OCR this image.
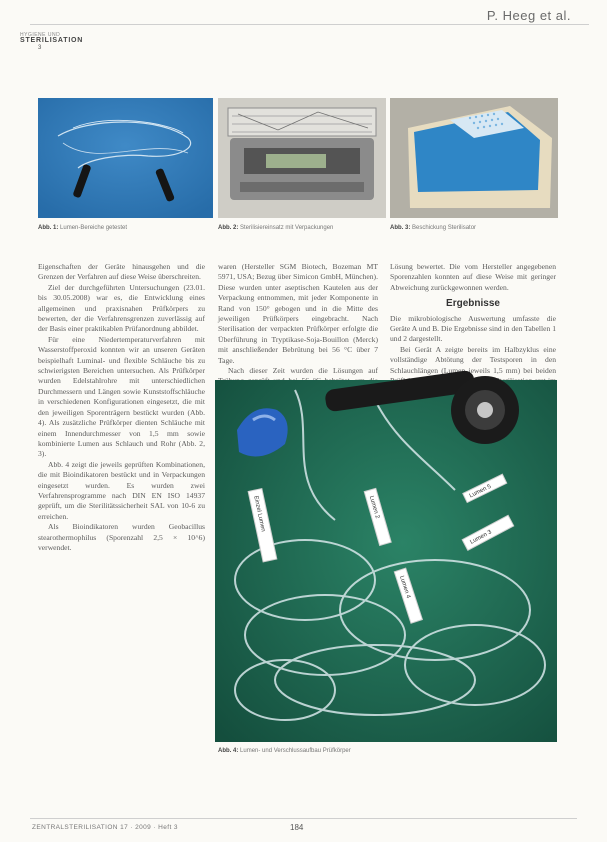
P. Heeg et al.
HYGIENE UND
STERILISATION
3
Abb. 1: Lumen-Bereiche getestet	Abb. 2: Sterilisiereinsatz mit Verpackungen	Abb. 3: Beschickung Sterilisator

Eigenschaften der Geräte hinausgehen und die Grenzen der Verfahren auf diese Weise überschreiten.

Ziel der durchgeführten Untersuchungen (23.01. bis 30.05.2008) war es, die Entwicklung eines allgemeinen und praxisnahen Prüfkörpers zu bewerten, der die Verfahrensgrenzen zuverlässig auf der Basis einer praktikablen Prüfanordnung abbildet.

Für eine Niedertemperaturverfahren mit Wasserstoffperoxid konnten wir an unseren Geräten beispielhaft Luminal- und flexible Schläuche bis zu schwierigsten Bereichen untersuchen. Als Prüfkörper wurden Edelstahlrohre mit unterschiedlichen Durchmessern und Längen sowie Kunststoffschläuche in verschiedenen Konfigurationen eingesetzt, die mit den jeweiligen Sporenträgern bestückt wurden (Abb. 4). Als zusätzliche Prüfkörper dienten Schläuche mit einem Innendurchmesser von 1,5 mm sowie kombinierte Lumen aus Schlauch und Rohr (Abb. 2, 3).

Abb. 4 zeigt die jeweils geprüften Kombinationen, die mit Bioindikatoren bestückt und in Verpackungen eingesetzt wurden. Es wurden zwei Verfahrensprogramme nach DIN EN ISO 14937 geprüft, um die Sterilitätssicherheit SAL von 10-6 zu erreichen.

Als Bioindikatoren wurden Geobacillus stearothermophilus (Sporenzahl 2,5 × 10^6) verwendet.

waren (Hersteller SGM Biotech, Bozeman MT 5971, USA; Bezug über Simicon GmbH, München). Diese wurden unter aseptischen Kautelen aus der Verpackung entnommen, mit jeder Komponente in Rand von 150° gebogen und in die Mitte des jeweiligen Prüfkörpers eingebracht. Nach Sterilisation der verpackten Prüfkörper erfolgte die Überführung in Tryptikase-Soja-Bouillon (Merck) mit anschließender Bebrütung bei 56 °C über 7 Tage.

Nach dieser Zeit wurden die Lösungen auf

Lösung bewertet. Die vom Hersteller angegebenen Sporenzahlen konnten auf diese Weise mit geringer Abweichung zurückgewonnen werden.

Ergebnisse

Die mikrobiologische Auswertung umfasste die Geräte A und B. Die Ergebnisse sind in den Tabellen 1 und 2 dargestellt.

Bei Gerät A zeigte bereits im Halbzyklus eine vollständige Abtötung der Testsporen in den Schlauchlängen (Lumen jeweils 1,5 mm) bei beiden

Einzel Lumen	Lumen 2
Lumen 3
Lumen 4
Lumen 5
Abb. 4: Lumen- und Verschlussaufbau Prüfkörper
ZENTRALSTERILISATION 17 · 2009 · Heft 3	184
